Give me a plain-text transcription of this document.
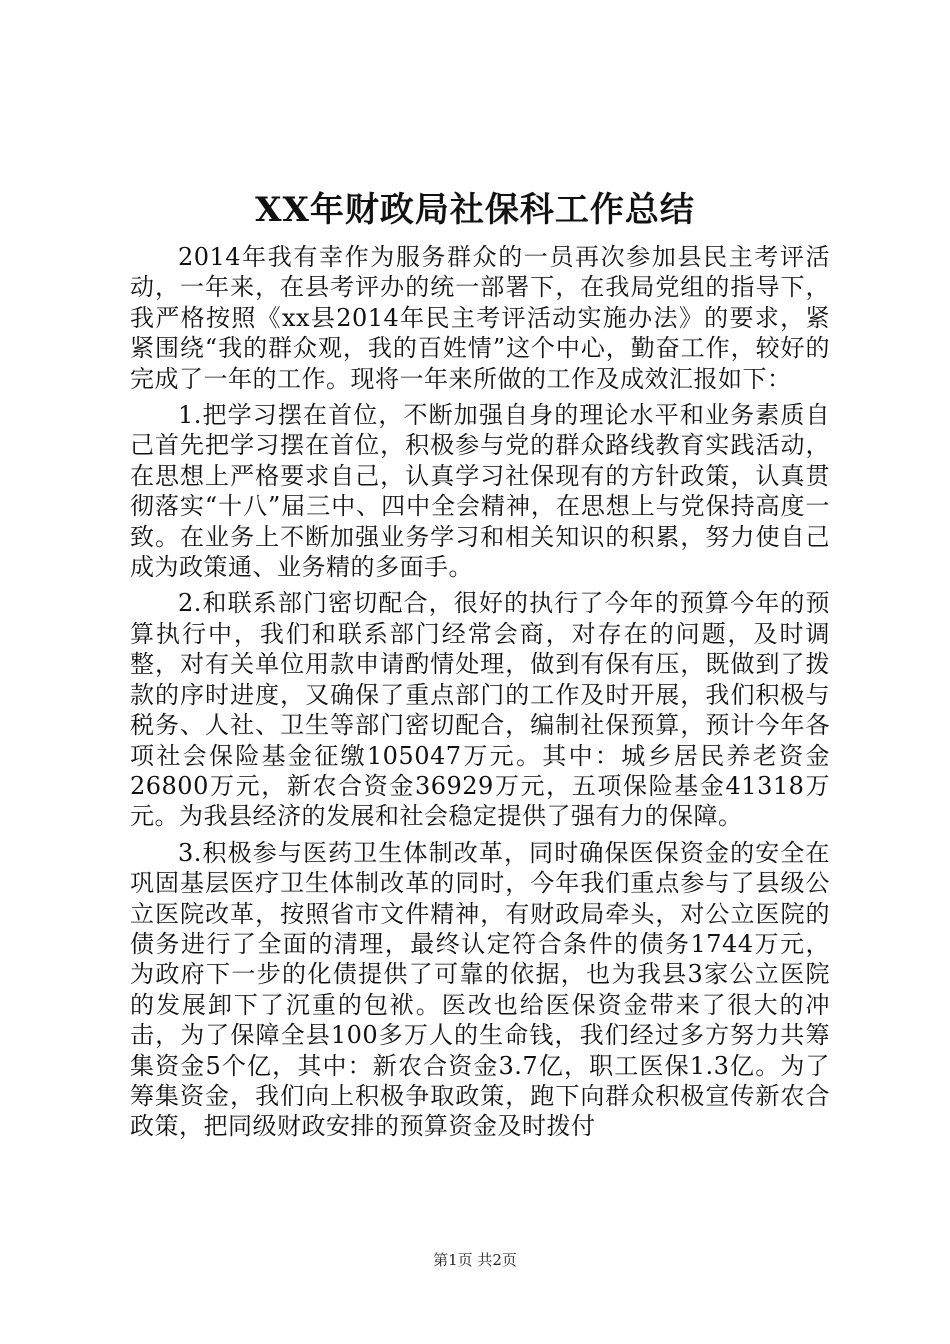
XX年财政局社保科工作总结

2014年我有幸作为服务群众的一员再次参加县民主考评活动，一年来，在县考评办的统一部署下，在我局党组的指导下，我严格按照《xx县2014年民主考评活动实施办法》的要求，紧紧围绕“我的群众观，我的百姓情”这个中心，勤奋工作，较好的完成了一年的工作。现将一年来所做的工作及成效汇报如下：

1.把学习摆在首位，不断加强自身的理论水平和业务素质自己首先把学习摆在首位，积极参与党的群众路线教育实践活动，在思想上严格要求自己，认真学习社保现有的方针政策，认真贯彻落实“十八”届三中、四中全会精神，在思想上与党保持高度一致。在业务上不断加强业务学习和相关知识的积累，努力使自己成为政策通、业务精的多面手。

2.和联系部门密切配合，很好的执行了今年的预算今年的预算执行中，我们和联系部门经常会商，对存在的问题，及时调整，对有关单位用款申请酌情处理，做到有保有压，既做到了拨款的序时进度，又确保了重点部门的工作及时开展，我们积极与税务、人社、卫生等部门密切配合，编制社保预算，预计今年各项社会保险基金征缴105047万元。其中：城乡居民养老资金26800万元，新农合资金36929万元，五项保险基金41318万元。为我县经济的发展和社会稳定提供了强有力的保障。

3.积极参与医药卫生体制改革，同时确保医保资金的安全在巩固基层医疗卫生体制改革的同时，今年我们重点参与了县级公立医院改革，按照省市文件精神，有财政局牵头，对公立医院的债务进行了全面的清理，最终认定符合条件的债务1744万元，为政府下一步的化债提供了可靠的依据，也为我县3家公立医院的发展卸下了沉重的包袱。医改也给医保资金带来了很大的冲击，为了保障全县100多万人的生命钱，我们经过多方努力共筹集资金5个亿，其中：新农合资金3.7亿，职工医保1.3亿。为了筹集资金，我们向上积极争取政策，跑下向群众积极宣传新农合政策，把同级财政安排的预算资金及时拨付

第1页 共2页
